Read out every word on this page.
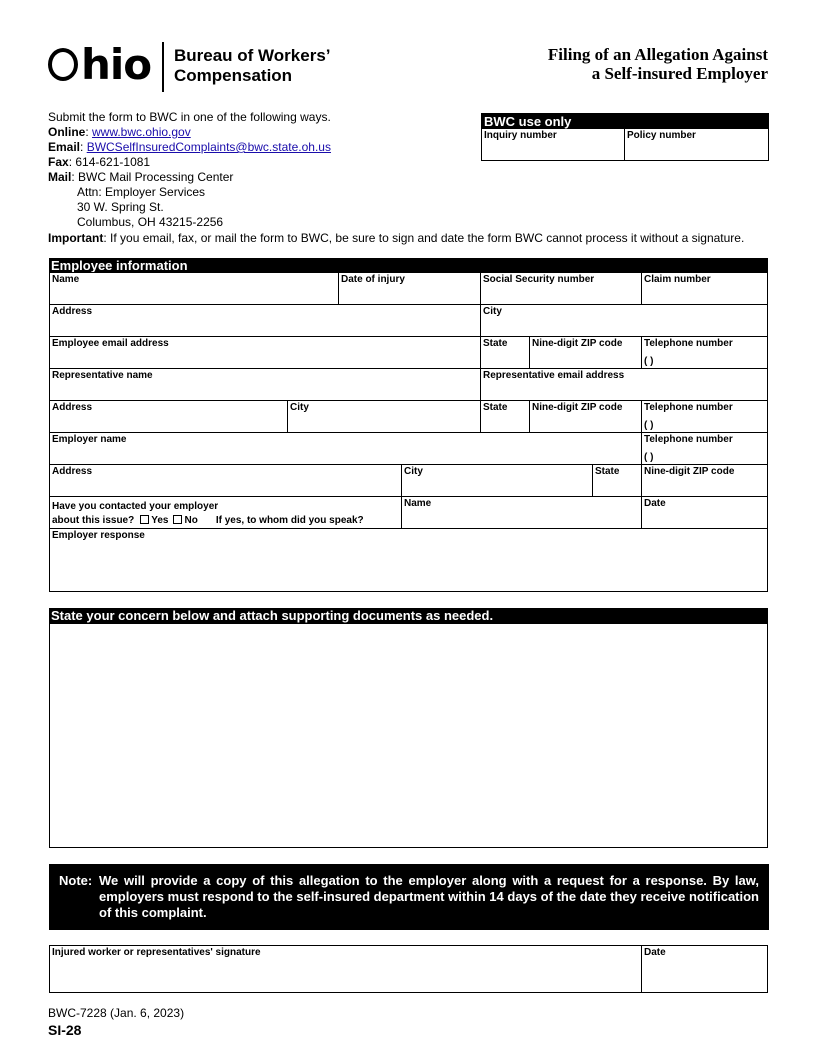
hio Bureau of Workers’
Compensation
Filing of an Allegation Against
a Self-insured Employer
Submit the form to BWC in one of the following ways.
Online: www.bwc.ohio.gov
Email: BWCSelfInsuredComplaints@bwc.state.oh.us
Fax: 614-621-1081
Mail: BWC Mail Processing Center
Attn: Employer Services
30 W. Spring St.
Columbus, OH 43215-2256
Important: If you email, fax, or mail the form to BWC, be sure to sign and date the form BWC cannot process it without a signature.
BWC use only
Inquiry number	Policy number
Employee information
Name	Date of injury	Social Security number	Claim number
Address	City
Employee email address	State	Nine-digit ZIP code	Telephone number
( )
Representative name	Representative email address
Address	City	State	Nine-digit ZIP code	Telephone number
( )
Employer name	Telephone number
( )
Address	City	State	Nine-digit ZIP code
Have you contacted your employer
about this issue? Yes No If yes, to whom did you speak?
Name	Date
Employer response
State your concern below and attach supporting documents as needed.
Note: We will provide a copy of this allegation to the employer along with a request for a response. By law, employers must respond to the self-insured department within 14 days of the date they receive notification of this complaint.
Injured worker or representatives' signature	Date
BWC-7228 (Jan. 6, 2023)
SI-28
